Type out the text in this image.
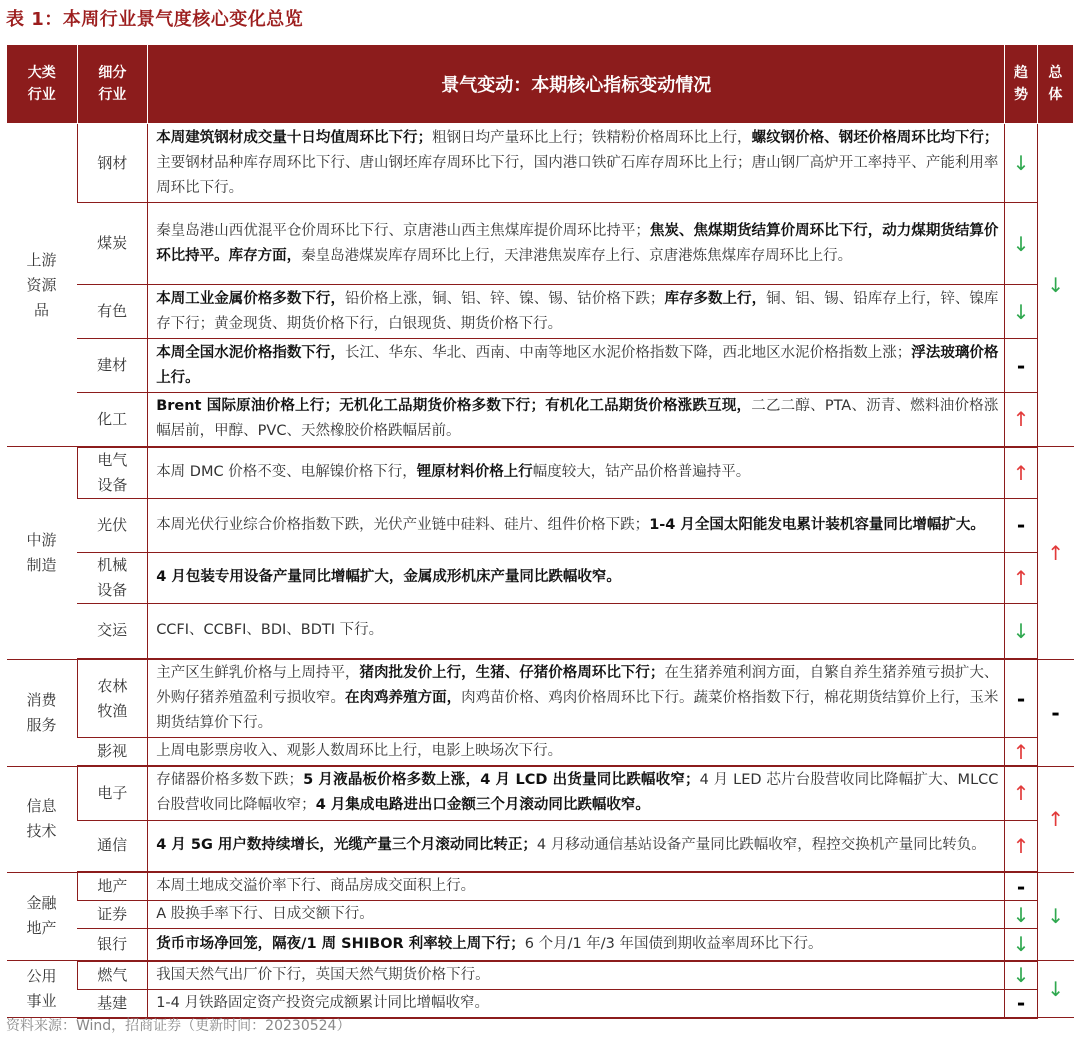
表 1：本周行业景气度核心变化总览
大类
行业	细分
行业	景气变动：本期核心指标变动情况	趋
势	总
体
上游
资源
品	钢材	本周建筑钢材成交量十日均值周环比下行；粗钢日均产量环比上行；铁精粉价格周环比上行，螺纹钢价格、钢坯价格周环比均下行；主要钢材品种库存周环比下行、唐山钢坯库存周环比下行，国内港口铁矿石库存周环比上行；唐山钢厂高炉开工率持平、产能利用率周环比下行。	↓	↓
	煤炭	秦皇岛港山西优混平仓价周环比下行、京唐港山西主焦煤库提价周环比持平；焦炭、焦煤期货结算价周环比下行，动力煤期货结算价环比持平。库存方面，秦皇岛港煤炭库存周环比上行，天津港焦炭库存上行、京唐港炼焦煤库存周环比上行。	↓	
	有色	本周工业金属价格多数下行，铅价格上涨，铜、铝、锌、镍、锡、钴价格下跌；库存多数上行，铜、铝、锡、铅库存上行，锌、镍库存下行；黄金现货、期货价格下行，白银现货、期货价格下行。	↓	
	建材	本周全国水泥价格指数下行，长江、华东、华北、西南、中南等地区水泥价格指数下降，西北地区水泥价格指数上涨；浮法玻璃价格上行。	-	
	化工	Brent 国际原油价格上行；无机化工品期货价格多数下行；有机化工品期货价格涨跌互现，二乙二醇、PTA、沥青、燃料油价格涨幅居前，甲醇、PVC、天然橡胶价格跌幅居前。	↑	
中游
制造	电气
设备	本周 DMC 价格不变、电解镍价格下行，锂原材料价格上行幅度较大，钴产品价格普遍持平。	↑	↑
	光伏	本周光伏行业综合价格指数下跌，光伏产业链中硅料、硅片、组件价格下跌；1-4 月全国太阳能发电累计装机容量同比增幅扩大。	-	
	机械
设备	4 月包装专用设备产量同比增幅扩大，金属成形机床产量同比跌幅收窄。	↑	
	交运	CCFI、CCBFI、BDI、BDTI 下行。	↓	
消费
服务	农林
牧渔	主产区生鲜乳价格与上周持平，猪肉批发价上行，生猪、仔猪价格周环比下行；在生猪养殖利润方面，自繁自养生猪养殖亏损扩大、外购仔猪养殖盈利亏损收窄。在肉鸡养殖方面，肉鸡苗价格、鸡肉价格周环比下行。蔬菜价格指数下行，棉花期货结算价上行，玉米期货结算价下行。	-	-
	影视	上周电影票房收入、观影人数周环比上行，电影上映场次下行。	↑	
信息
技术	电子	存储器价格多数下跌；5 月液晶板价格多数上涨，4 月 LCD 出货量同比跌幅收窄；4 月 LED 芯片台股营收同比降幅扩大、MLCC 台股营收同比降幅收窄；4 月集成电路进出口金额三个月滚动同比跌幅收窄。	↑	↑
	通信	4 月 5G 用户数持续增长，光缆产量三个月滚动同比转正；4 月移动通信基站设备产量同比跌幅收窄，程控交换机产量同比转负。	↑	
金融
地产	地产	本周土地成交溢价率下行、商品房成交面积上行。	-	↓
	证券	A 股换手率下行、日成交额下行。	↓	
	银行	货币市场净回笼，隔夜/1 周 SHIBOR 利率较上周下行；6 个月/1 年/3 年国债到期收益率周环比下行。	↓	
公用
事业	燃气	我国天然气出厂价下行，英国天然气期货价格下行。	↓	↓
	基建	1-4 月铁路固定资产投资完成额累计同比增幅收窄。	-	
资料来源：Wind，招商证券（更新时间：20230524）
